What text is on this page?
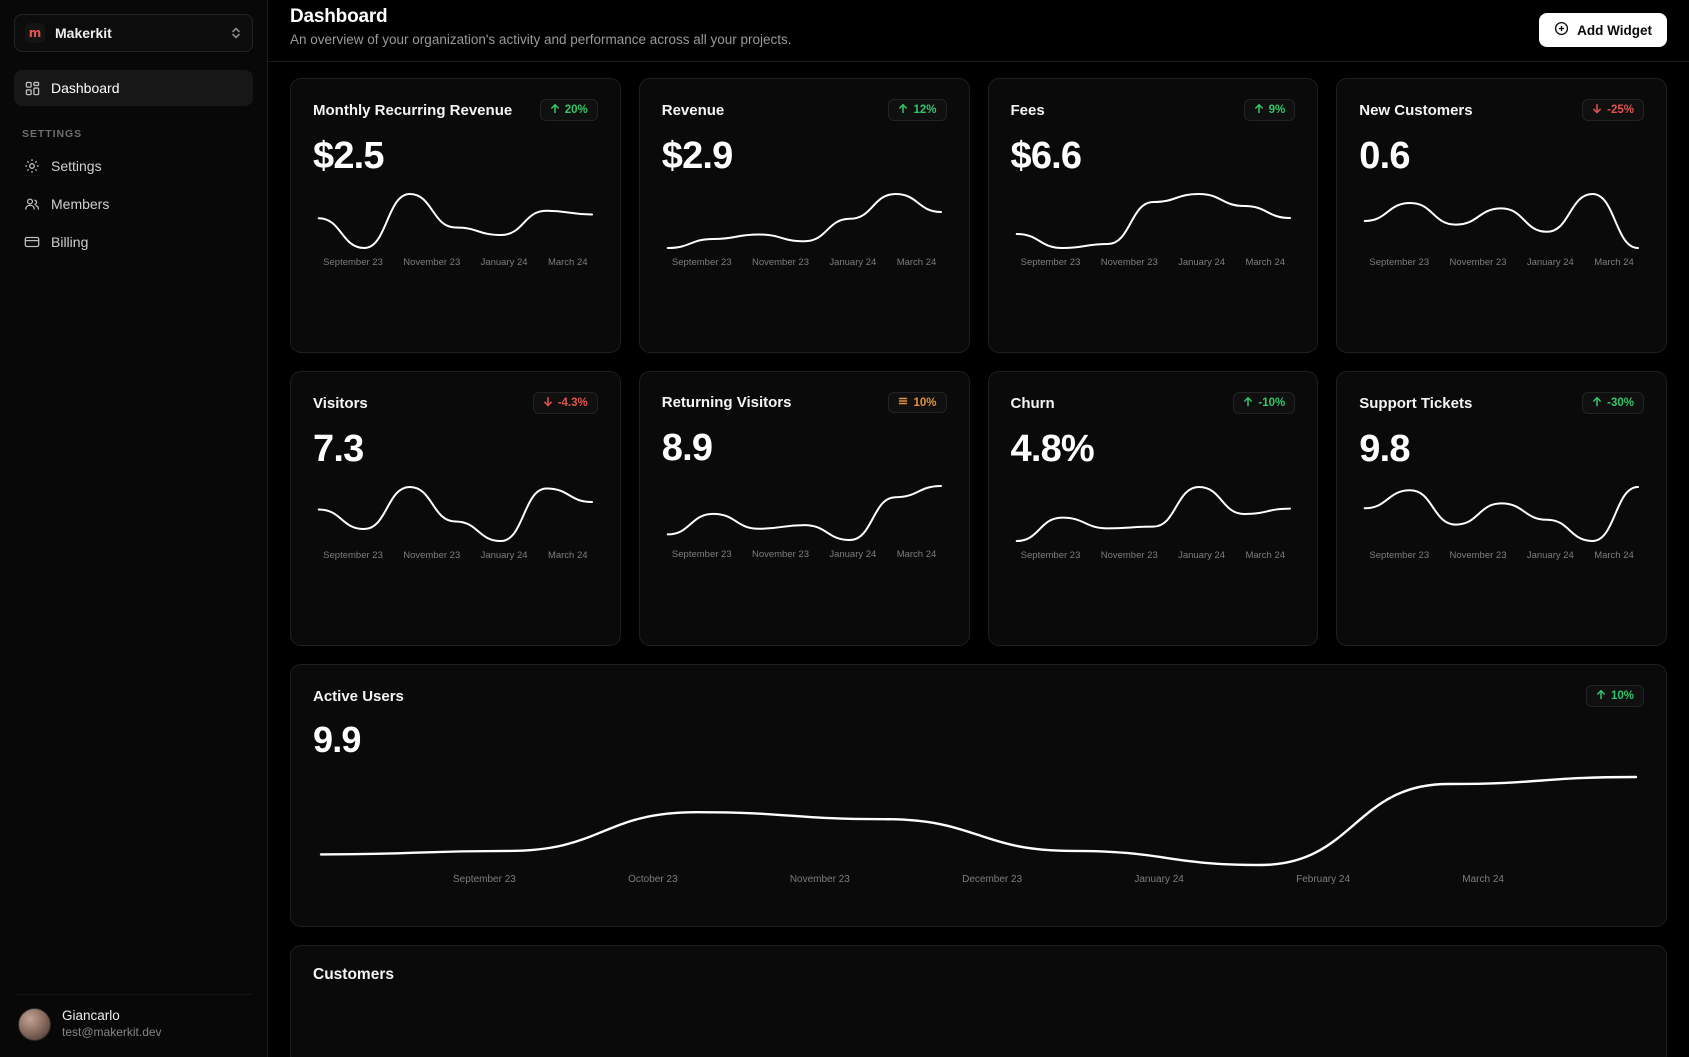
m Makerkit
Dashboard
SETTINGS
Settings
Members
Billing
Giancarlo
test@makerkit.dev
Dashboard
An overview of your organization's activity and performance across all your projects.
Add Widget
Monthly Recurring Revenue	20%
$2.5
September 23 November 23 January 24 March 24
Revenue	12%
$2.9
September 23 November 23 January 24 March 24
Fees	9%
$6.6
September 23 November 23 January 24 March 24
New Customers	-25%
0.6
September 23 November 23 January 24 March 24
Visitors	-4.3%
7.3
September 23 November 23 January 24 March 24
Returning Visitors	10%
8.9
September 23 November 23 January 24 March 24
Churn	-10%
4.8%
September 23 November 23 January 24 March 24
Support Tickets	-30%
9.8
September 23 November 23 January 24 March 24
Active Users	10%
9.9
September 23	October 23	November 23	December 23	January 24	February 24	March 24
Customers
